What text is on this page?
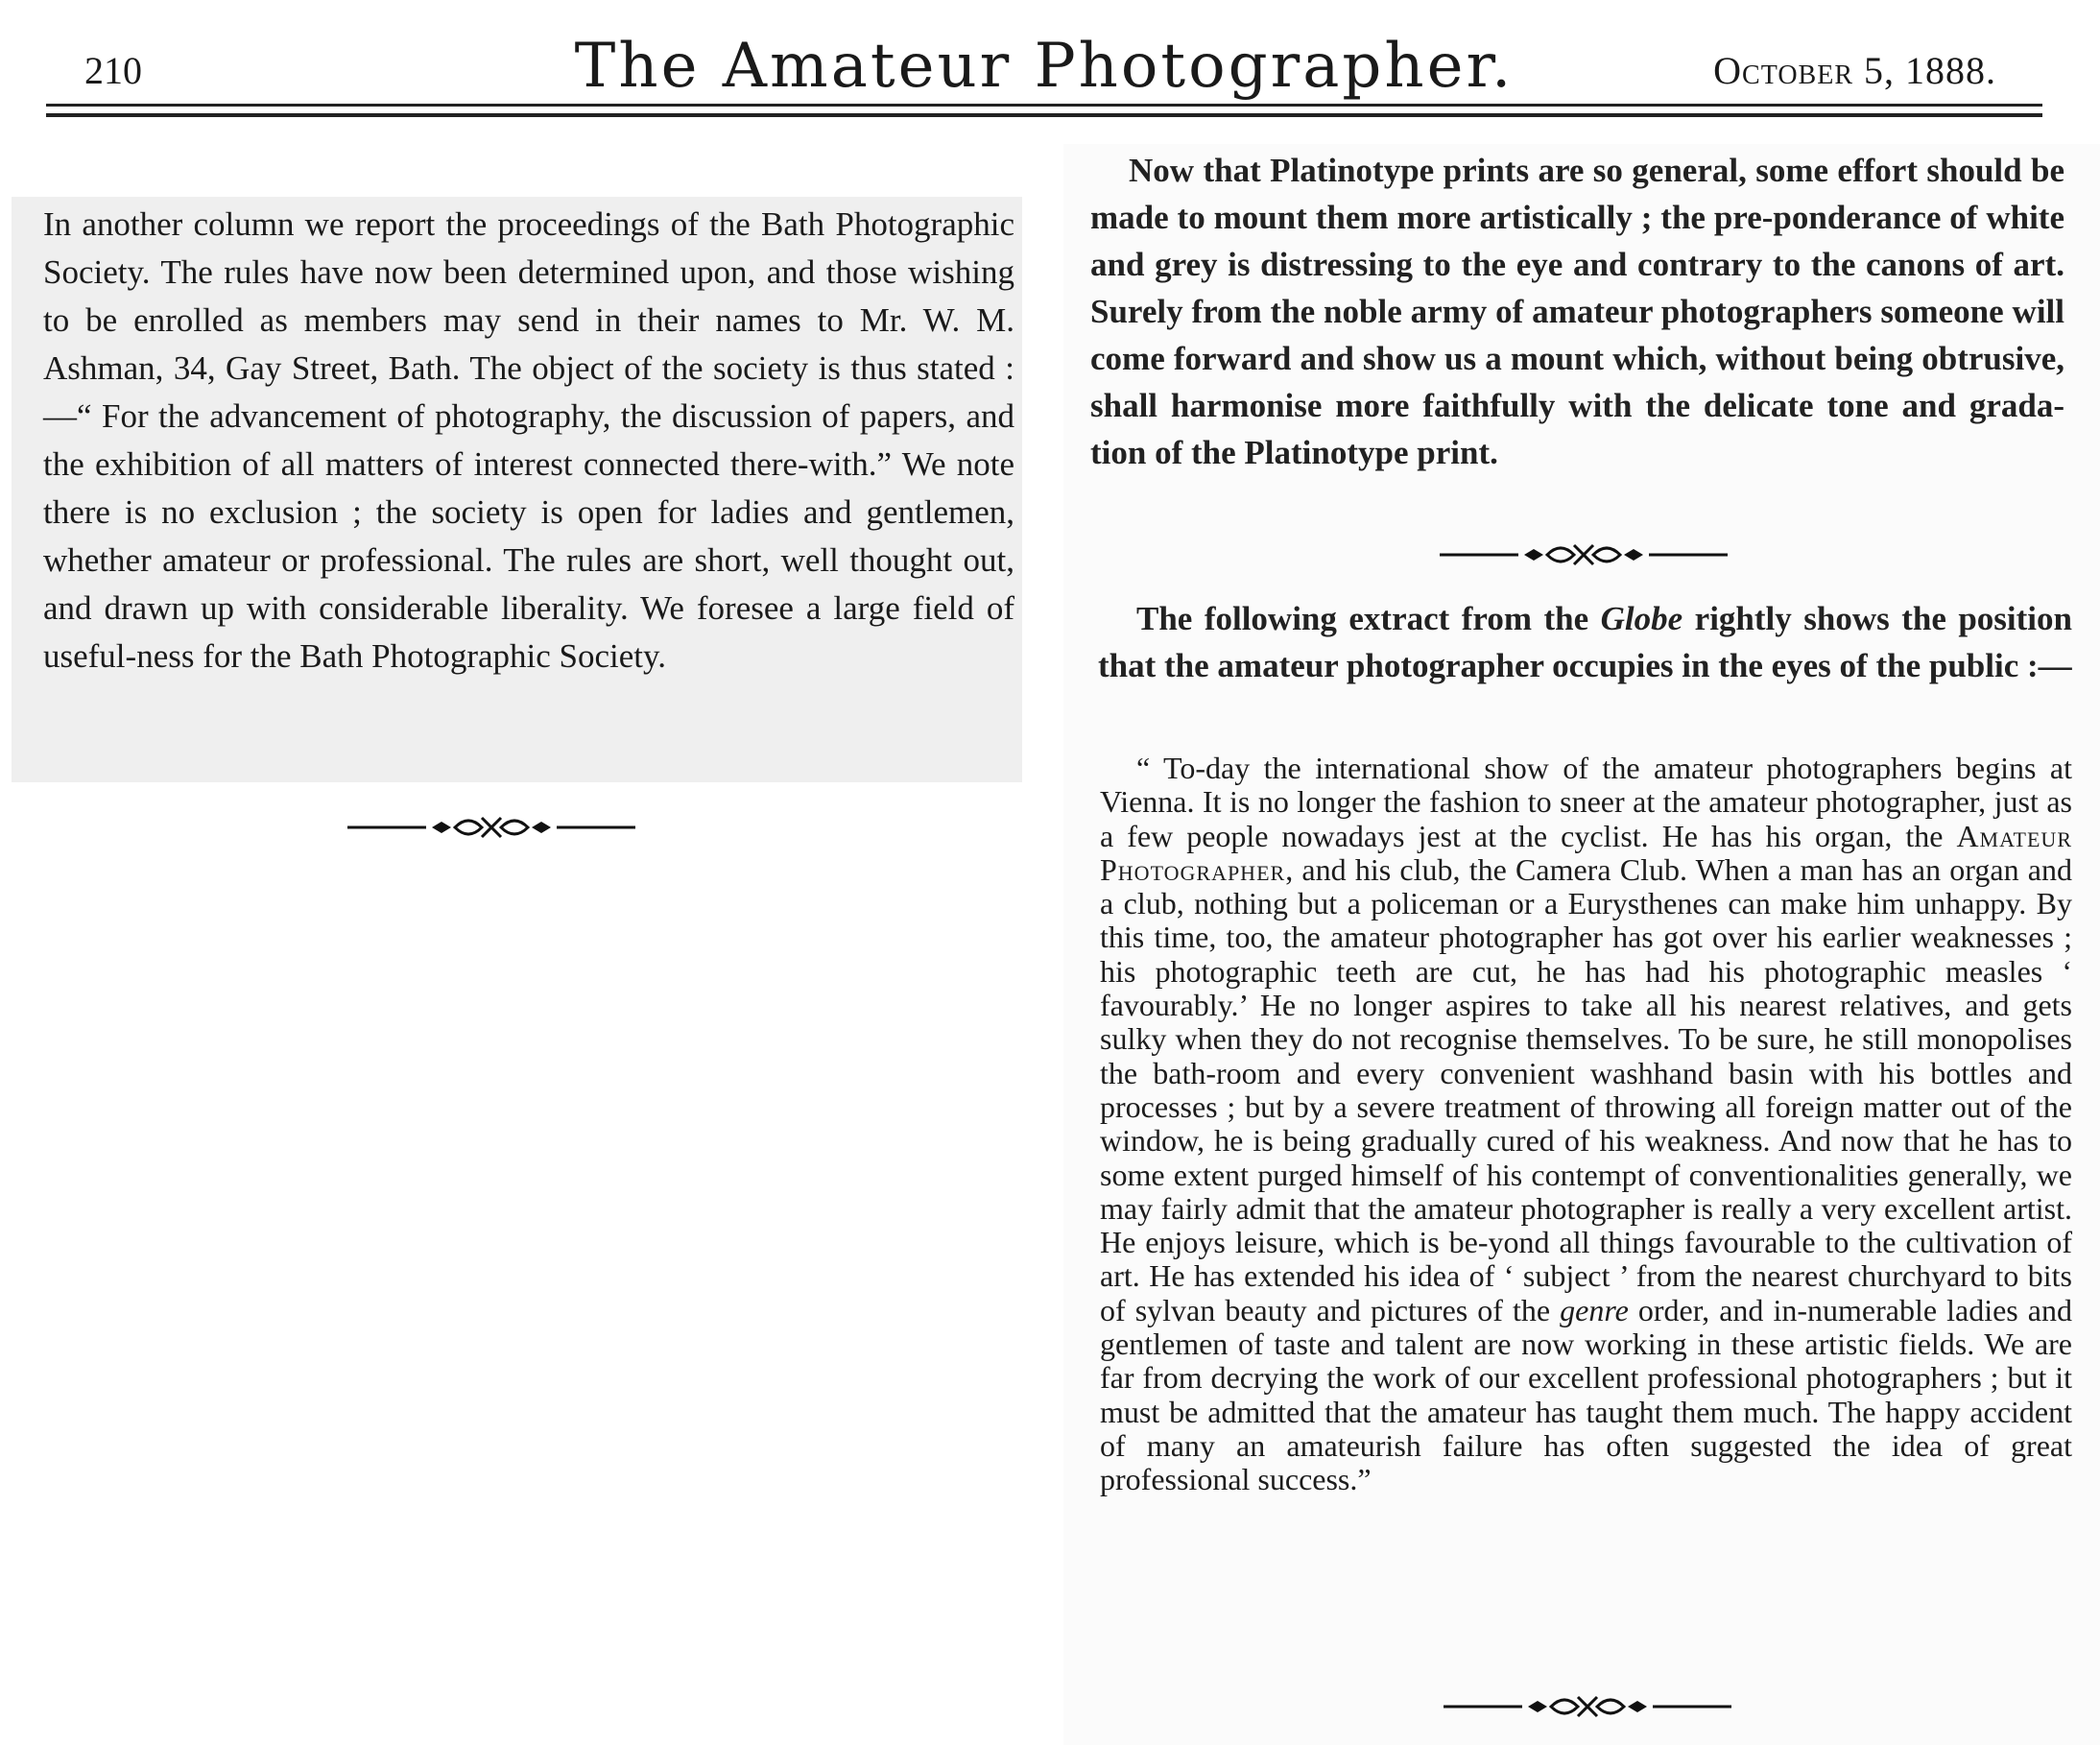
210	The Amateur Photographer.	October 5, 1888.
In another column we report the proceedings of the Bath Photographic Society. The rules have now been determined upon, and those wishing to be enrolled as members may send in their names to Mr. W. M. Ashman, 34, Gay Street, Bath. The object of the society is thus stated :—“ For the advancement of photography, the discussion of papers, and the exhibition of all matters of interest connected there-with.” We note there is no exclusion ; the society is open for ladies and gentlemen, whether amateur or professional. The rules are short, well thought out, and drawn up with considerable liberality. We foresee a large field of useful-ness for the Bath Photographic Society.
Now that Platinotype prints are so general, some effort should be made to mount them more artistically ; the pre-ponderance of white and grey is distressing to the eye and contrary to the canons of art. Surely from the noble army of amateur photographers someone will come forward and show us a mount which, without being obtrusive, shall harmonise more faithfully with the delicate tone and grada-tion of the Platinotype print.
The following extract from the Globe rightly shows the position that the amateur photographer occupies in the eyes of the public :—
“ To-day the international show of the amateur photographers begins at Vienna. It is no longer the fashion to sneer at the amateur photographer, just as a few people nowadays jest at the cyclist. He has his organ, the Amateur Photographer, and his club, the Camera Club. When a man has an organ and a club, nothing but a policeman or a Eurysthenes can make him unhappy. By this time, too, the amateur photographer has got over his earlier weaknesses ; his photographic teeth are cut, he has had his photographic measles ‘ favourably.’ He no longer aspires to take all his nearest relatives, and gets sulky when they do not recognise themselves. To be sure, he still monopolises the bath-room and every convenient washhand basin with his bottles and processes ; but by a severe treatment of throwing all foreign matter out of the window, he is being gradually cured of his weakness. And now that he has to some extent purged himself of his contempt of conventionalities generally, we may fairly admit that the amateur photographer is really a very excellent artist. He enjoys leisure, which is be-yond all things favourable to the cultivation of art. He has extended his idea of ‘ subject ’ from the nearest churchyard to bits of sylvan beauty and pictures of the genre order, and in-numerable ladies and gentlemen of taste and talent are now working in these artistic fields. We are far from decrying the work of our excellent professional photographers ; but it must be admitted that the amateur has taught them much. The happy accident of many an amateurish failure has often suggested the idea of great professional success.”
